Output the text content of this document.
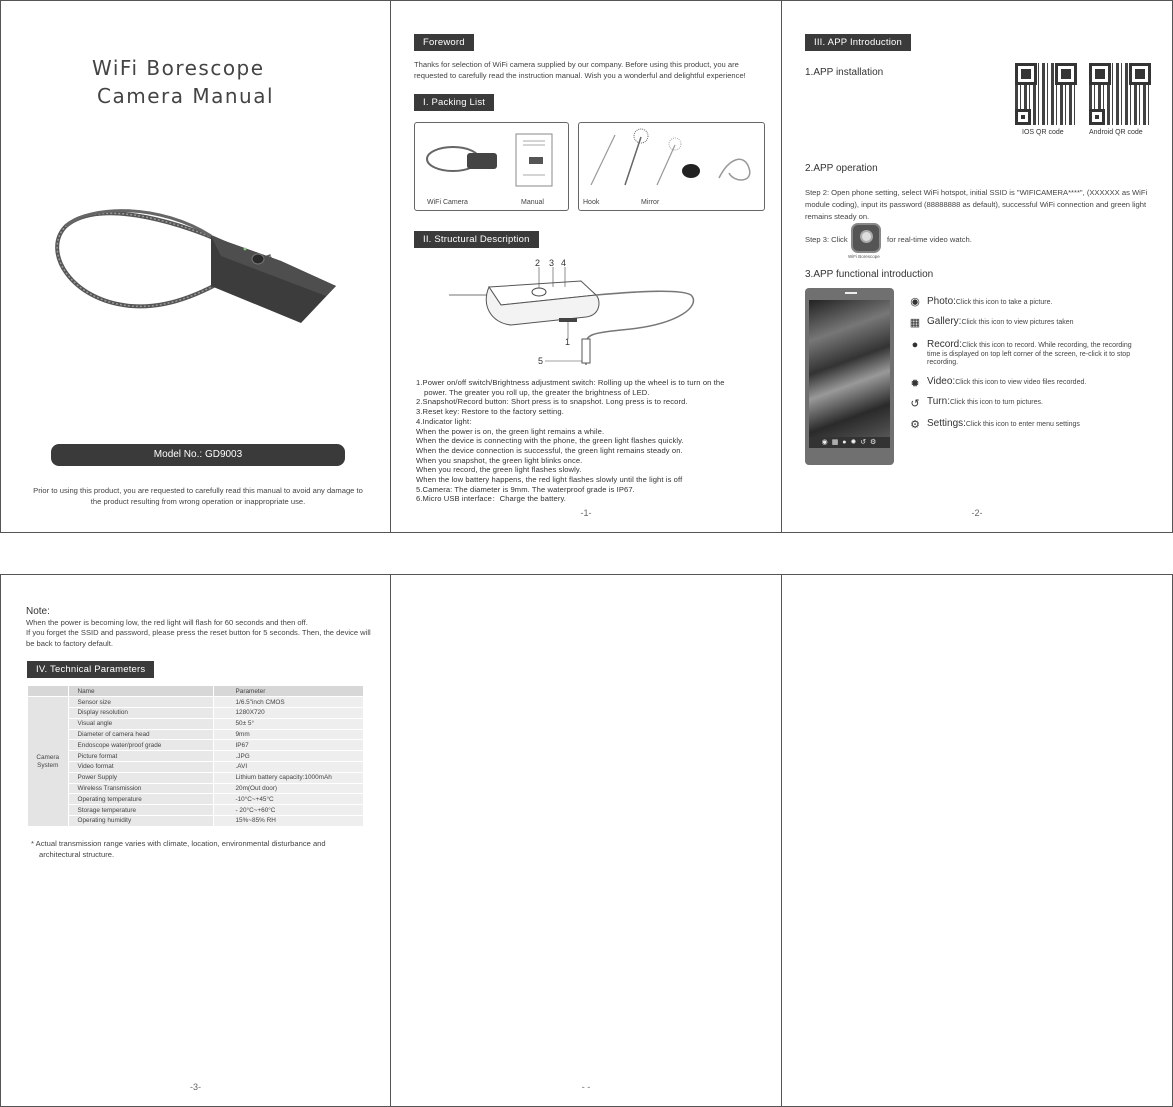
WiFi Borescope
Camera Manual
Model No.: GD9003
Prior to using this product, you are requested to carefully read this manual to avoid any damage to the product resulting from wrong operation or inappropriate use.
Foreword
Thanks for selection of WiFi camera supplied by our company. Before using this product, you are requested to carefully read the instruction manual. Wish you a wonderful and delightful experience!
I. Packing List
WiFi Camera	Manual	Hook	Mirror
II. Structural Description
2 3 4
1
5

1.Power on/off switch/Brightness adjustment switch: Rolling up the wheel is to turn on the

power. The greater you roll up, the greater the brightness of LED.

2.Snapshot/Record button: Short press is to snapshot. Long press is to record.

3.Reset key: Restore to the factory setting.

4.Indicator light:

When the power is on, the green light remains a while.

When the device is connecting with the phone, the green light flashes quickly.

When the device connection is successful, the green light remains steady on.

When you snapshot, the green light blinks once.

When you record, the green light flashes slowly.

When the low battery happens, the red light flashes slowly until the light is off

5.Camera: The diameter is 9mm. The waterproof grade is IP67.

6.Micro USB interface：Charge the battery.

-1-
III. APP Introduction
1.APP installation
IOS QR code	Android QR code
2.APP operation
Step 2: Open phone setting, select WiFi hotspot, initial SSID is "WIFICAMERA****", (XXXXXX as WiFi module coding), input its password (88888888 as default), successful WiFi connection and green light remains steady on.
Step 3: Click
WiFi Borescope
for real-time video watch.
3.APP functional introduction
◉ ▦ ● ✹ ↺ ⚙
◉ Photo:Click this icon to take a picture.
▦ Gallery:Click this icon to view pictures taken
● Record:Click this icon to record. While recording, the recording time is displayed on top left corner of the screen, re-click it to stop recording.
✹ Video:Click this icon to view video files recorded.
↺ Turn:Click this icon to turn pictures.
⚙ Settings:Click this icon to enter menu settings
-2-
Note:
When the power is becoming low, the red light will flash for 60 seconds and then off.
If you forget the SSID and password, please press the reset button for 5 seconds. Then, the device will be back to factory default.
IV. Technical Parameters
* Actual transmission range varies with climate, location, environmental disturbance and architectural structure.
-3-
	Name	Parameter
Camera System	Sensor size	1/6.5"inch CMOS
	Display resolution	1280X720
	Visual angle	50± 5°
	Diameter of camera head	9mm
	Endoscope water/proof grade	IP67
	Picture format	.JPG
	Video format	.AVI
	Power Supply	Lithium battery capacity:1000mAh
	Wireless Transmission	20m(Out door)
	Operating temperature	-10°C~+45°C
	Storage temperature	- 20°C~+60°C
	Operating humidity	15%~85% RH
- -
